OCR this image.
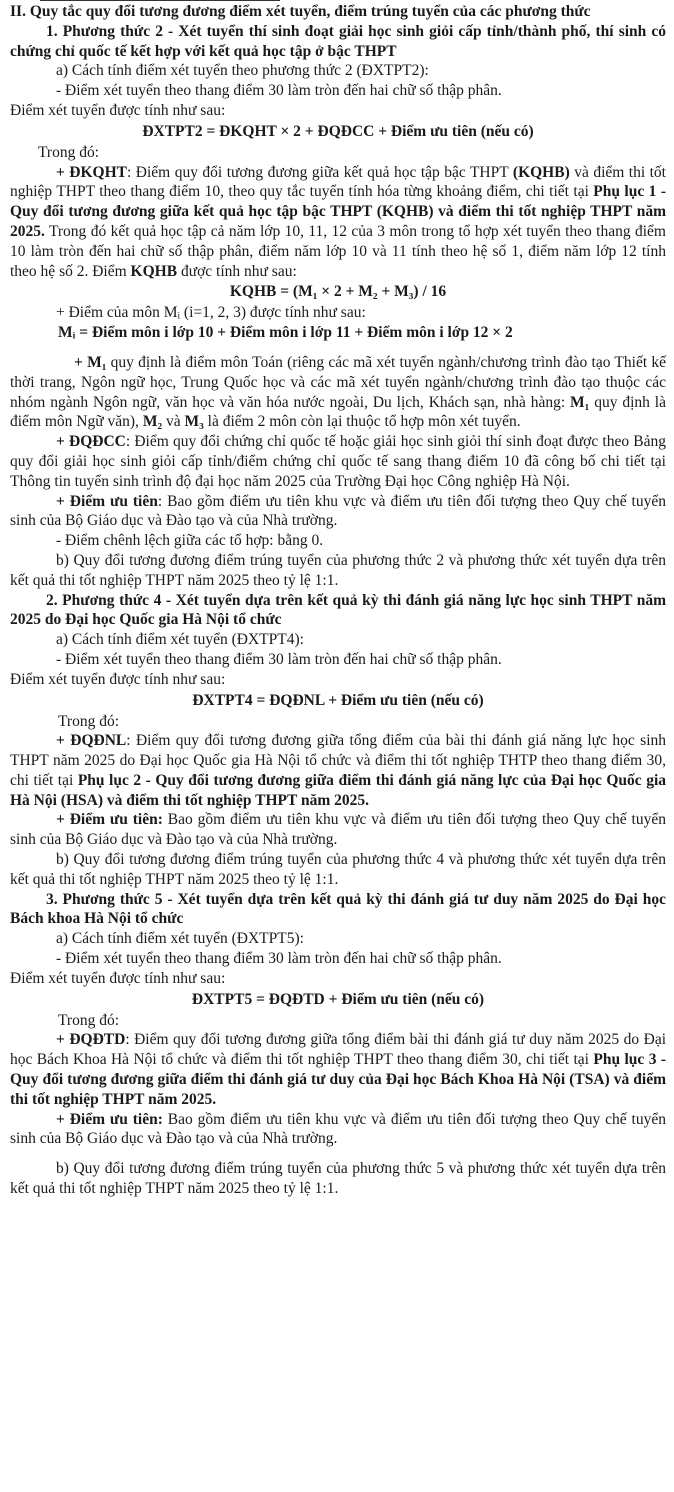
II. Quy tắc quy đổi tương đương điểm xét tuyển, điểm trúng tuyển của các phương thức

1. Phương thức 2 - Xét tuyển thí sinh đoạt giải học sinh giỏi cấp tỉnh/thành phố, thí sinh có chứng chỉ quốc tế kết hợp với kết quả học tập ở bậc THPT

a) Cách tính điểm xét tuyển theo phương thức 2 (ĐXTPT2):

- Điểm xét tuyển theo thang điểm 30 làm tròn đến hai chữ số thập phân.

Điểm xét tuyển được tính như sau:

ĐXTPT2 = ĐKQHT × 2 + ĐQĐCC + Điểm ưu tiên (nếu có)

Trong đó:

+ ĐKQHT: Điểm quy đổi tương đương giữa kết quả học tập bậc THPT (KQHB) và điểm thi tốt nghiệp THPT theo thang điểm 10, theo quy tắc tuyển tính hóa từng khoảng điểm, chi tiết tại Phụ lục 1 - Quy đổi tương đương giữa kết quả học tập bậc THPT (KQHB) và điểm thi tốt nghiệp THPT năm 2025. Trong đó kết quả học tập cả năm lớp 10, 11, 12 của 3 môn trong tổ hợp xét tuyển theo thang điểm 10 làm tròn đến hai chữ số thập phân, điểm năm lớp 10 và 11 tính theo hệ số 1, điểm năm lớp 12 tính theo hệ số 2. Điểm KQHB được tính như sau:

KQHB = (M₁ × 2 + M₂ + M₃) / 16

+ Điểm của môn Mᵢ (i=1, 2, 3) được tính như sau:

Mᵢ = Điểm môn i lớp 10 + Điểm môn i lớp 11 + Điểm môn i lớp 12 × 2

+ M₁ quy định là điểm môn Toán (riêng các mã xét tuyển ngành/chương trình đào tạo Thiết kế thời trang, Ngôn ngữ học, Trung Quốc học và các mã xét tuyển ngành/chương trình đào tạo thuộc các nhóm ngành Ngôn ngữ, văn học và văn hóa nước ngoài, Du lịch, Khách sạn, nhà hàng: M₁ quy định là điểm môn Ngữ văn), M₂ và M₃ là điểm 2 môn còn lại thuộc tổ hợp môn xét tuyển.

+ ĐQĐCC: Điểm quy đổi chứng chỉ quốc tế hoặc giải học sinh giỏi thí sinh đoạt được theo Bảng quy đổi giải học sinh giỏi cấp tỉnh/điểm chứng chỉ quốc tế sang thang điểm 10 đã công bố chi tiết tại Thông tin tuyển sinh trình độ đại học năm 2025 của Trường Đại học Công nghiệp Hà Nội.

+ Điểm ưu tiên: Bao gồm điểm ưu tiên khu vực và điểm ưu tiên đối tượng theo Quy chế tuyển sinh của Bộ Giáo dục và Đào tạo và của Nhà trường.

- Điểm chênh lệch giữa các tổ hợp: bằng 0.

b) Quy đổi tương đương điểm trúng tuyển của phương thức 2 và phương thức xét tuyển dựa trên kết quả thi tốt nghiệp THPT năm 2025 theo tỷ lệ 1:1.

2. Phương thức 4 - Xét tuyển dựa trên kết quả kỳ thi đánh giá năng lực học sinh THPT năm 2025 do Đại học Quốc gia Hà Nội tổ chức

a) Cách tính điểm xét tuyển (ĐXTPT4):

- Điểm xét tuyển theo thang điểm 30 làm tròn đến hai chữ số thập phân.

Điểm xét tuyển được tính như sau:

ĐXTPT4 = ĐQĐNL + Điểm ưu tiên (nếu có)

Trong đó:

+ ĐQĐNL: Điểm quy đổi tương đương giữa tổng điểm của bài thi đánh giá năng lực học sinh THPT năm 2025 do Đại học Quốc gia Hà Nội tổ chức và điểm thi tốt nghiệp THTP theo thang điểm 30, chi tiết tại Phụ lục 2 - Quy đổi tương đương giữa điểm thi đánh giá năng lực của Đại học Quốc gia Hà Nội (HSA) và điểm thi tốt nghiệp THPT năm 2025.

+ Điểm ưu tiên: Bao gồm điểm ưu tiên khu vực và điểm ưu tiên đối tượng theo Quy chế tuyển sinh của Bộ Giáo dục và Đào tạo và của Nhà trường.

b) Quy đổi tương đương điểm trúng tuyển của phương thức 4 và phương thức xét tuyển dựa trên kết quả thi tốt nghiệp THPT năm 2025 theo tỷ lệ 1:1.

3. Phương thức 5 - Xét tuyển dựa trên kết quả kỳ thi đánh giá tư duy năm 2025 do Đại học Bách khoa Hà Nội tổ chức

a) Cách tính điểm xét tuyển (ĐXTPT5):

- Điểm xét tuyển theo thang điểm 30 làm tròn đến hai chữ số thập phân.

Điểm xét tuyển được tính như sau:

ĐXTPT5 = ĐQĐTD + Điểm ưu tiên (nếu có)

Trong đó:

+ ĐQĐTD: Điểm quy đổi tương đương giữa tổng điểm bài thi đánh giá tư duy năm 2025 do Đại học Bách Khoa Hà Nội tổ chức và điểm thi tốt nghiệp THPT theo thang điểm 30, chi tiết tại Phụ lục 3 - Quy đổi tương đương giữa điểm thi đánh giá tư duy của Đại học Bách Khoa Hà Nội (TSA) và điểm thi tốt nghiệp THPT năm 2025.

+ Điểm ưu tiên: Bao gồm điểm ưu tiên khu vực và điểm ưu tiên đối tượng theo Quy chế tuyển sinh của Bộ Giáo dục và Đào tạo và của Nhà trường.

b) Quy đổi tương đương điểm trúng tuyển của phương thức 5 và phương thức xét tuyển dựa trên kết quả thi tốt nghiệp THPT năm 2025 theo tỷ lệ 1:1.
